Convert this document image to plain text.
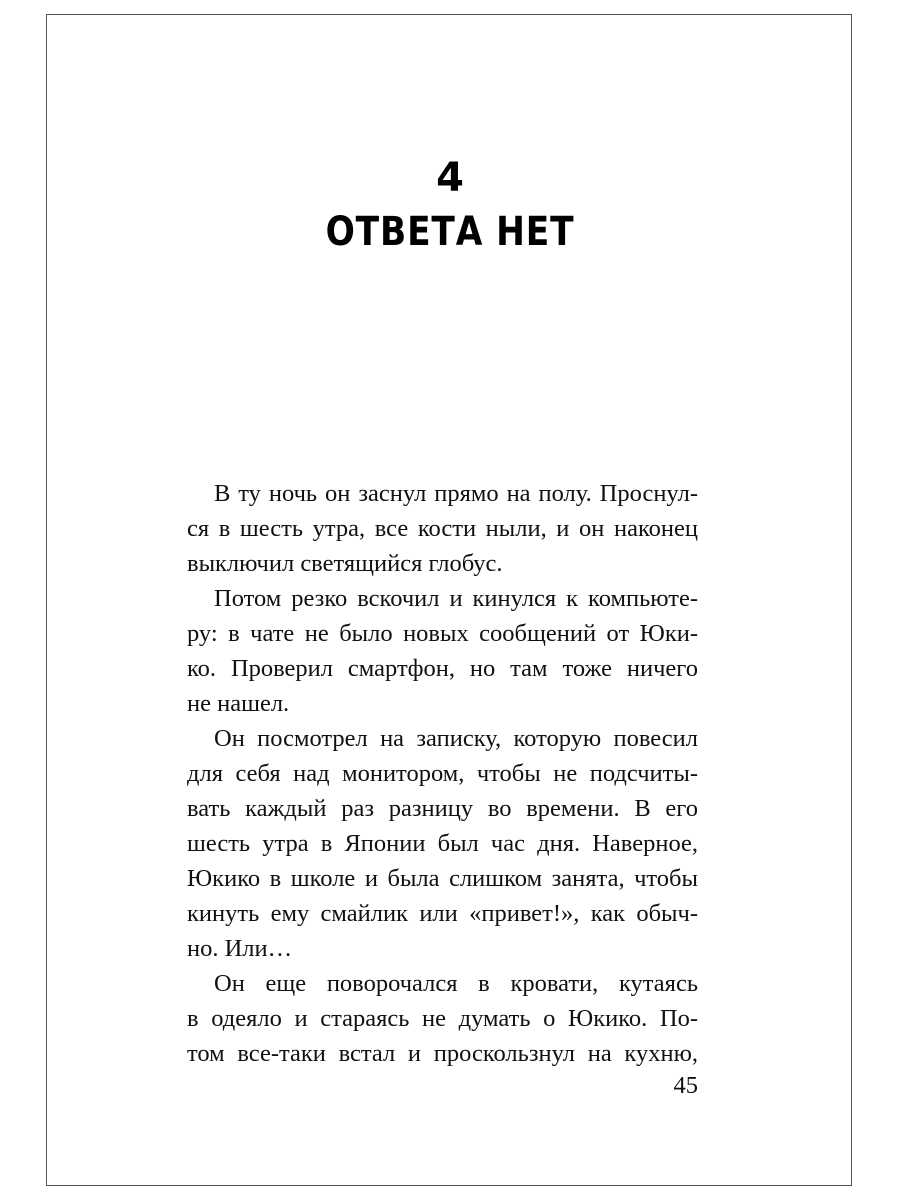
4
ОТВЕТА НЕТ
В ту ночь он заснул прямо на полу. Проснул-
ся в шесть утра, все кости ныли, и он наконец
выключил светящийся глобус.
Потом резко вскочил и кинулся к компьюте-
ру: в чате не было новых сообщений от Юки-
ко. Проверил смартфон, но там тоже ничего
не нашел.
Он посмотрел на записку, которую повесил
для себя над монитором, чтобы не подсчиты-
вать каждый раз разницу во времени. В его
шесть утра в Японии был час дня. Наверное,
Юкико в школе и была слишком занята, чтобы
кинуть ему смайлик или «привет!», как обыч-
но. Или…
Он еще поворочался в кровати, кутаясь
в одеяло и стараясь не думать о Юкико. По-
том все-таки встал и проскользнул на кухню,
45
